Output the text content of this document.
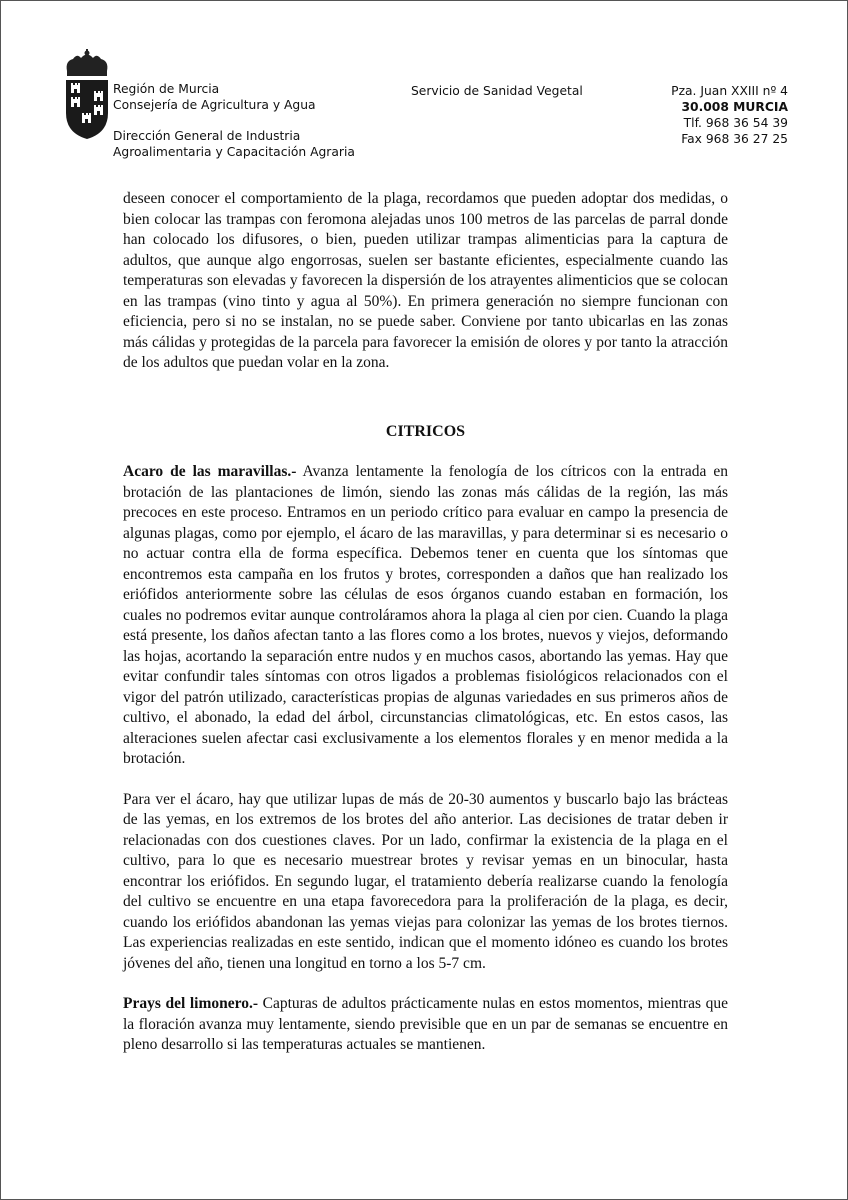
Región de Murcia
Consejería de Agricultura y Agua
Dirección General de Industria
Agroalimentaria y Capacitación Agraria
Servicio de Sanidad Vegetal	Pza. Juan XXIII nº 4
30.008 MURCIA
Tlf. 968 36 54 39
Fax 968 36 27 25

deseen conocer el comportamiento de la plaga, recordamos que pueden adoptar dos medidas, o bien colocar las trampas con feromona alejadas unos 100 metros de las parcelas de parral donde han colocado los difusores, o bien, pueden utilizar trampas alimenticias para la captura de adultos, que aunque algo engorrosas, suelen ser bastante eficientes, especialmente cuando las temperaturas son elevadas y favorecen la dispersión de los atrayentes alimenticios que se colocan en las trampas (vino tinto y agua al 50%). En primera generación no siempre funcionan con eficiencia, pero si no se instalan, no se puede saber. Conviene por tanto ubicarlas en las zonas más cálidas y protegidas de la parcela para favorecer la emisión de olores y por tanto la atracción de los adultos que puedan volar en la zona.

CITRICOS

Acaro de las maravillas.- Avanza lentamente la fenología de los cítricos con la entrada en brotación de las plantaciones de limón, siendo las zonas más cálidas de la región, las más precoces en este proceso. Entramos en un periodo crítico para evaluar en campo la presencia de algunas plagas, como por ejemplo, el ácaro de las maravillas, y para determinar si es necesario o no actuar contra ella de forma específica. Debemos tener en cuenta que los síntomas que encontremos esta campaña en los frutos y brotes, corresponden a daños que han realizado los eriófidos anteriormente sobre las células de esos órganos cuando estaban en formación, los cuales no podremos evitar aunque controláramos ahora la plaga al cien por cien. Cuando la plaga está presente, los daños afectan tanto a las flores como a los brotes, nuevos y viejos, deformando las hojas, acortando la separación entre nudos y en muchos casos, abortando las yemas. Hay que evitar confundir tales síntomas con otros ligados a problemas fisiológicos relacionados con el vigor del patrón utilizado, características propias de algunas variedades en sus primeros años de cultivo, el abonado, la edad del árbol, circunstancias climatológicas, etc. En estos casos, las alteraciones suelen afectar casi exclusivamente a los elementos florales y en menor medida a la brotación.

Para ver el ácaro, hay que utilizar lupas de más de 20-30 aumentos y buscarlo bajo las brácteas de las yemas, en los extremos de los brotes del año anterior. Las decisiones de tratar deben ir relacionadas con dos cuestiones claves. Por un lado, confirmar la existencia de la plaga en el cultivo, para lo que es necesario muestrear brotes y revisar yemas en un binocular, hasta encontrar los eriófidos. En segundo lugar, el tratamiento debería realizarse cuando la fenología del cultivo se encuentre en una etapa favorecedora para la proliferación de la plaga, es decir, cuando los eriófidos abandonan las yemas viejas para colonizar las yemas de los brotes tiernos. Las experiencias realizadas en este sentido, indican que el momento idóneo es cuando los brotes jóvenes del año, tienen una longitud en torno a los 5-7 cm.

Prays del limonero.- Capturas de adultos prácticamente nulas en estos momentos, mientras que la floración avanza muy lentamente, siendo previsible que en un par de semanas se encuentre en pleno desarrollo si las temperaturas actuales se mantienen.
